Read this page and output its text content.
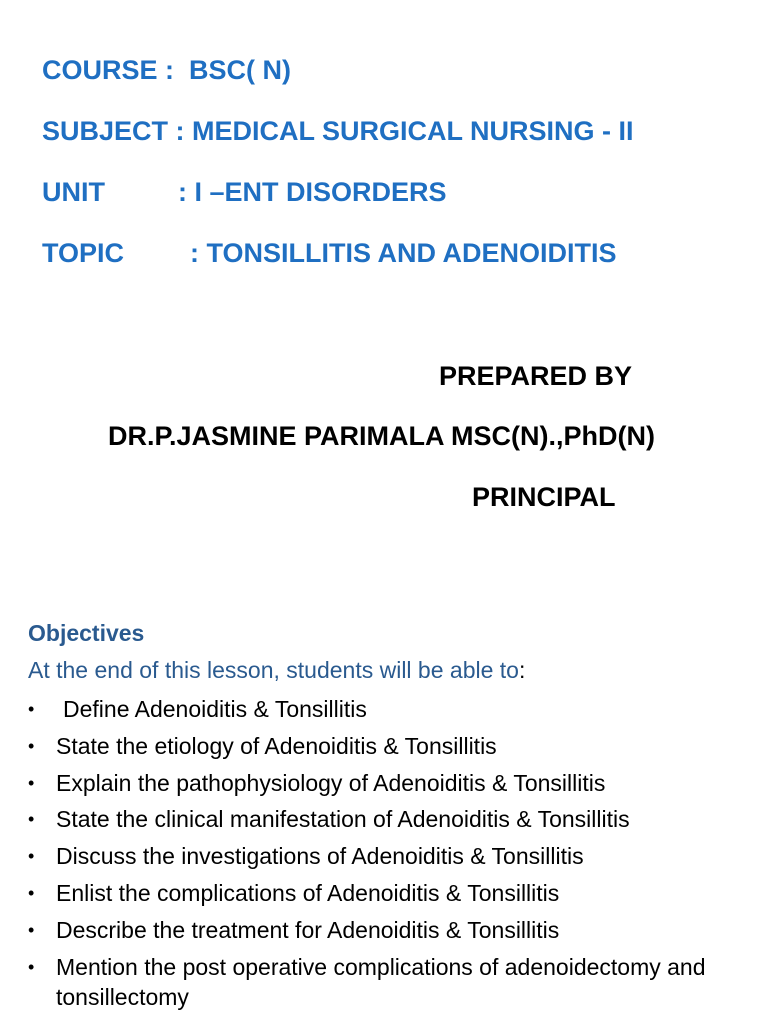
COURSE : BSC( N)
SUBJECT : MEDICAL SURGICAL NURSING - II
UNIT	: I –ENT DISORDERS
TOPIC : TONSILLITIS AND ADENOIDITIS
PREPARED BY
DR.P.JASMINE PARIMALA MSC(N).,PhD(N)
PRINCIPAL
Objectives
At the end of this lesson, students will be able to:
•	Define Adenoiditis & Tonsillitis
• State the etiology of Adenoiditis & Tonsillitis
• Explain the pathophysiology of Adenoiditis & Tonsillitis
• State the clinical manifestation of Adenoiditis & Tonsillitis
• Discuss the investigations of Adenoiditis & Tonsillitis
• Enlist the complications of Adenoiditis & Tonsillitis
• Describe the treatment for Adenoiditis & Tonsillitis
• Mention the post operative complications of adenoidectomy and tonsillectomy
